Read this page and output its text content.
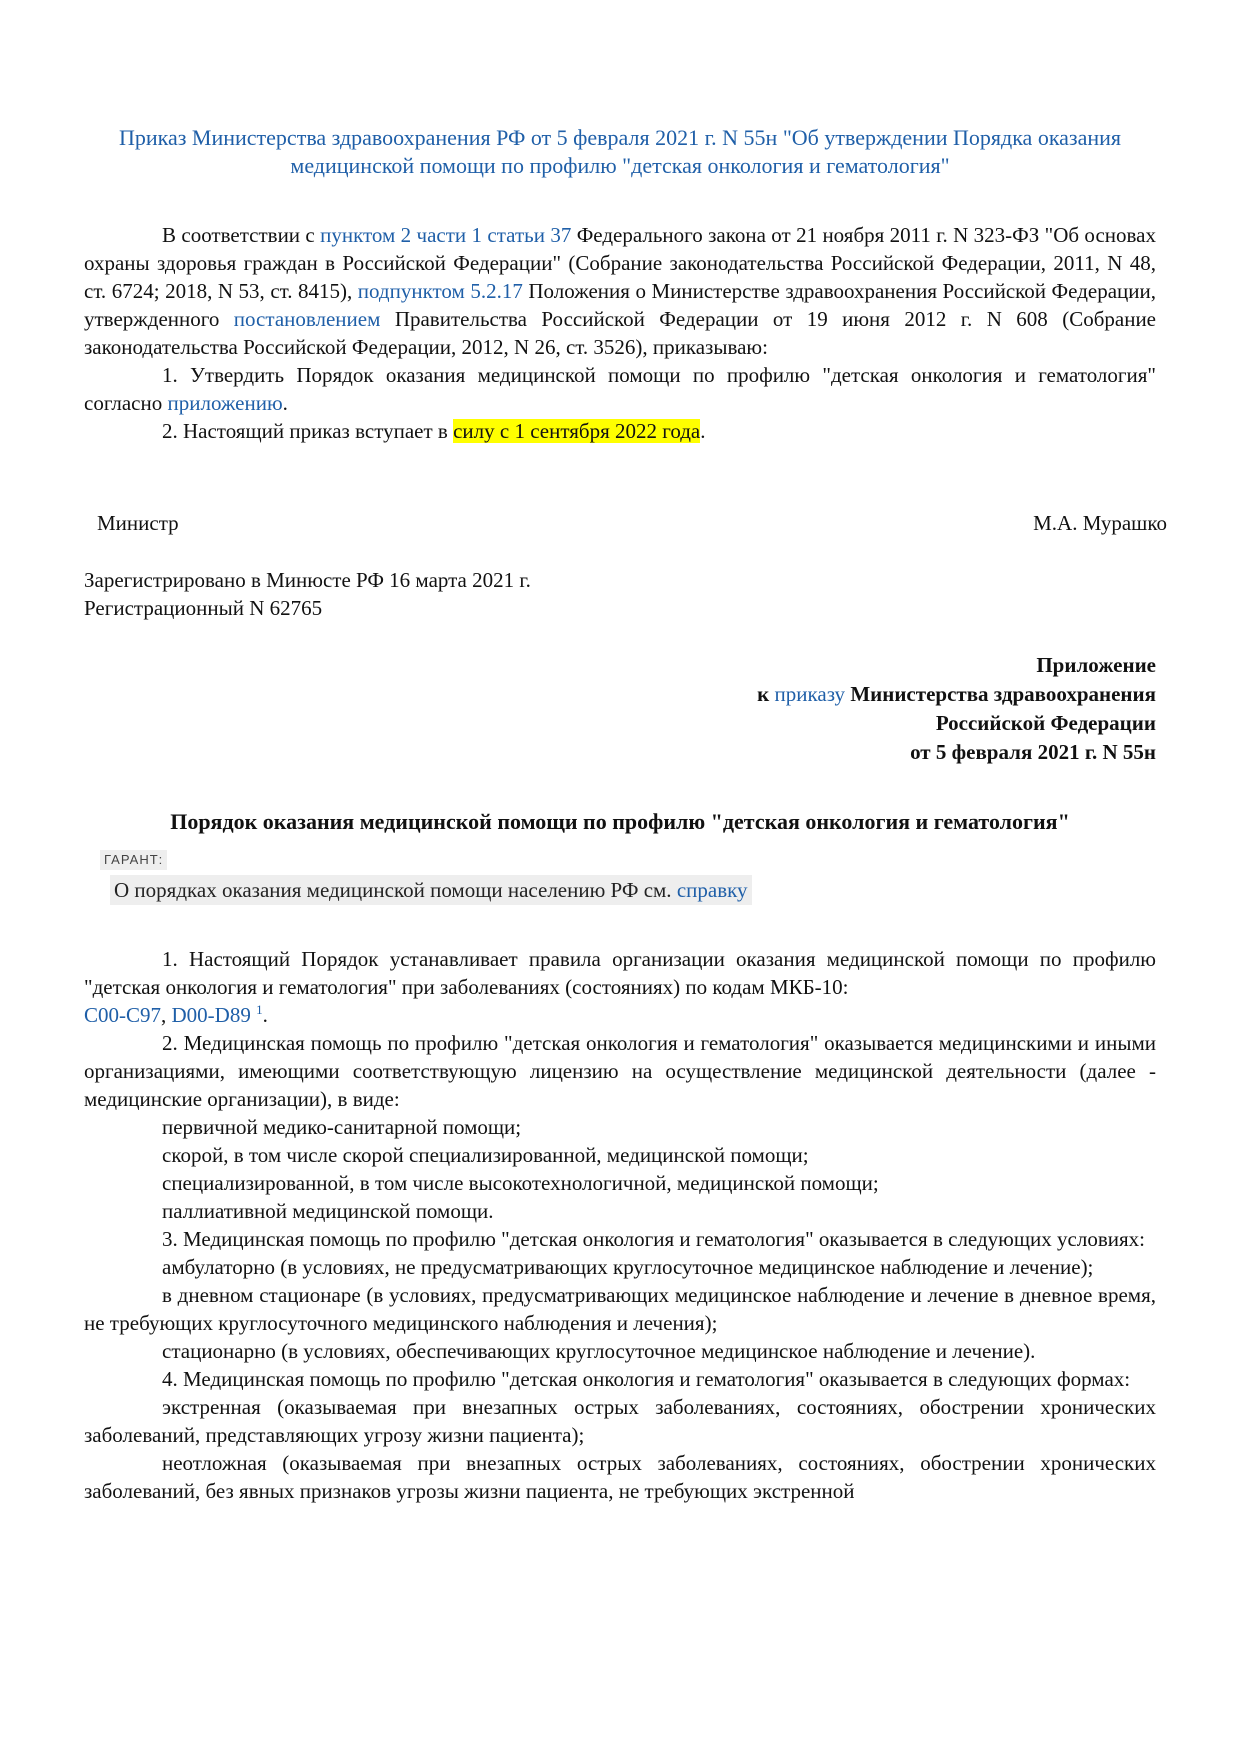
Приказ Министерства здравоохранения РФ от 5 февраля 2021 г. N 55н "Об утверждении Порядка оказания медицинской помощи по профилю "детская онкология и гематология"

В соответствии с пунктом 2 части 1 статьи 37 Федерального закона от 21 ноября 2011 г. N 323-ФЗ "Об основах охраны здоровья граждан в Российской Федерации" (Собрание законодательства Российской Федерации, 2011, N 48, ст. 6724; 2018, N 53, ст. 8415), подпунктом 5.2.17 Положения о Министерстве здравоохранения Российской Федерации, утвержденного постановлением Правительства Российской Федерации от 19 июня 2012 г. N 608 (Собрание законодательства Российской Федерации, 2012, N 26, ст. 3526), приказываю:

1. Утвердить Порядок оказания медицинской помощи по профилю "детская онкология и гематология" согласно приложению.

2. Настоящий приказ вступает в силу с 1 сентября 2022 года.

Министр	М.А. Мурашко
Зарегистрировано в Минюсте РФ 16 марта 2021 г.
Регистрационный N 62765
Приложение
к приказу Министерства здравоохранения
Российской Федерации
от 5 февраля 2021 г. N 55н
Порядок оказания медицинской помощи по профилю "детская онкология и гематология"
ГАРАНТ:
О порядках оказания медицинской помощи населению РФ см. справку

1. Настоящий Порядок устанавливает правила организации оказания медицинской помощи по профилю "детская онкология и гематология" при заболеваниях (состояниях) по кодам МКБ-10:
C00-C97, D00-D89 $^1$.

2. Медицинская помощь по профилю "детская онкология и гематология" оказывается медицинскими и иными организациями, имеющими соответствующую лицензию на осуществление медицинской деятельности (далее - медицинские организации), в виде:

первичной медико-санитарной помощи;

скорой, в том числе скорой специализированной, медицинской помощи;

специализированной, в том числе высокотехнологичной, медицинской помощи;

паллиативной медицинской помощи.

3. Медицинская помощь по профилю "детская онкология и гематология" оказывается в следующих условиях:

амбулаторно (в условиях, не предусматривающих круглосуточное медицинское наблюдение и лечение);

в дневном стационаре (в условиях, предусматривающих медицинское наблюдение и лечение в дневное время, не требующих круглосуточного медицинского наблюдения и лечения);

стационарно (в условиях, обеспечивающих круглосуточное медицинское наблюдение и лечение).

4. Медицинская помощь по профилю "детская онкология и гематология" оказывается в следующих формах:

экстренная (оказываемая при внезапных острых заболеваниях, состояниях, обострении хронических заболеваний, представляющих угрозу жизни пациента);

неотложная (оказываемая при внезапных острых заболеваниях, состояниях, обострении хронических заболеваний, без явных признаков угрозы жизни пациента, не требующих экстренной
